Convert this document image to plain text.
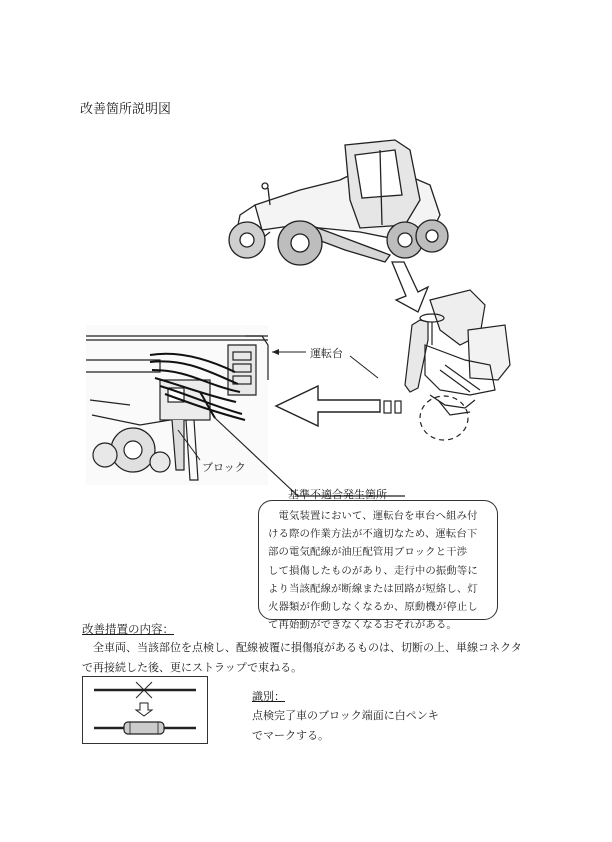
改善箇所説明図
運転台
ブロック
基準不適合発生箇所
　電気装置において、運転台を車台へ組み付
ける際の作業方法が不適切なため、運転台下
部の電気配線が油圧配管用ブロックと干渉
して損傷したものがあり、走行中の振動等に
より当該配線が断線または回路が短絡し、灯
火器類が作動しなくなるか、原動機が停止し
て再始動ができなくなるおそれがある。
改善措置の内容：
　全車両、当該部位を点検し、配線被覆に損傷痕があるものは、切断の上、単線コネクタ
で再接続した後、更にストラップで束ねる。
識別：
点検完了車のブロック端面に白ペンキ
でマークする。
